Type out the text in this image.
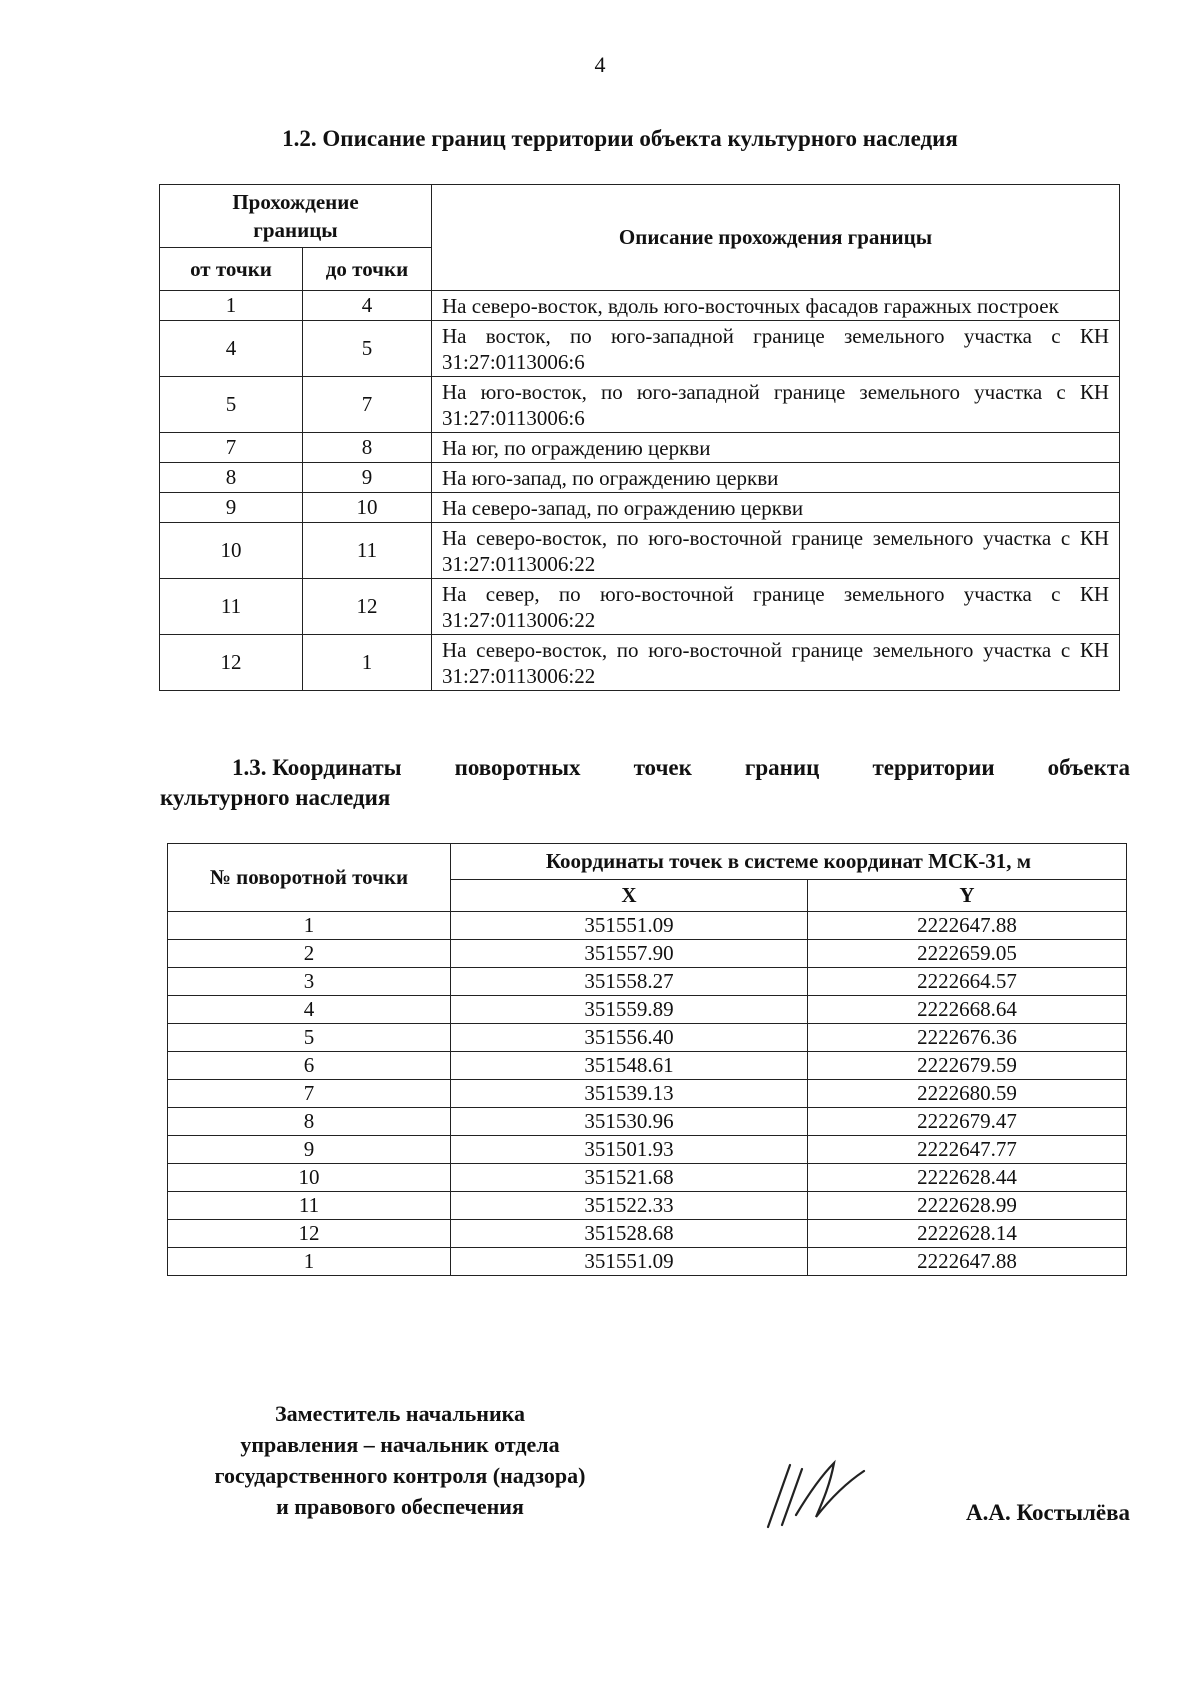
4
1.2. Описание границ территории объекта культурного наследия
Прохождение границы		Описание прохождения границы
от точки	до точки	
1	4	На северо-восток, вдоль юго-восточных фасадов гаражных построек
4	5	На восток, по юго-западной границе земельного участка с КН 31:27:0113006:6
5	7	На юго-восток, по юго-западной границе земельного участка с КН 31:27:0113006:6
7	8	На юг, по ограждению церкви
8	9	На юго-запад, по ограждению церкви
9	10	На северо-запад, по ограждению церкви
10	11	На северо-восток, по юго-восточной границе земельного участка с КН 31:27:0113006:22
11	12	На север, по юго-восточной границе земельного участка с КН 31:27:0113006:22
12	1	На северо-восток, по юго-восточной границе земельного участка с КН 31:27:0113006:22
1.3. Координаты поворотных точек границ территории объекта
культурного наследия
№ поворотной точки	Координаты точек в системе координат МСК-31, м	
	X	Y
1	351551.09	2222647.88
2	351557.90	2222659.05
3	351558.27	2222664.57
4	351559.89	2222668.64
5	351556.40	2222676.36
6	351548.61	2222679.59
7	351539.13	2222680.59
8	351530.96	2222679.47
9	351501.93	2222647.77
10	351521.68	2222628.44
11	351522.33	2222628.99
12	351528.68	2222628.14
1	351551.09	2222647.88
Заместитель начальника
управления – начальник отдела
государственного контроля (надзора)
и правового обеспечения	А.А. Костылёва
